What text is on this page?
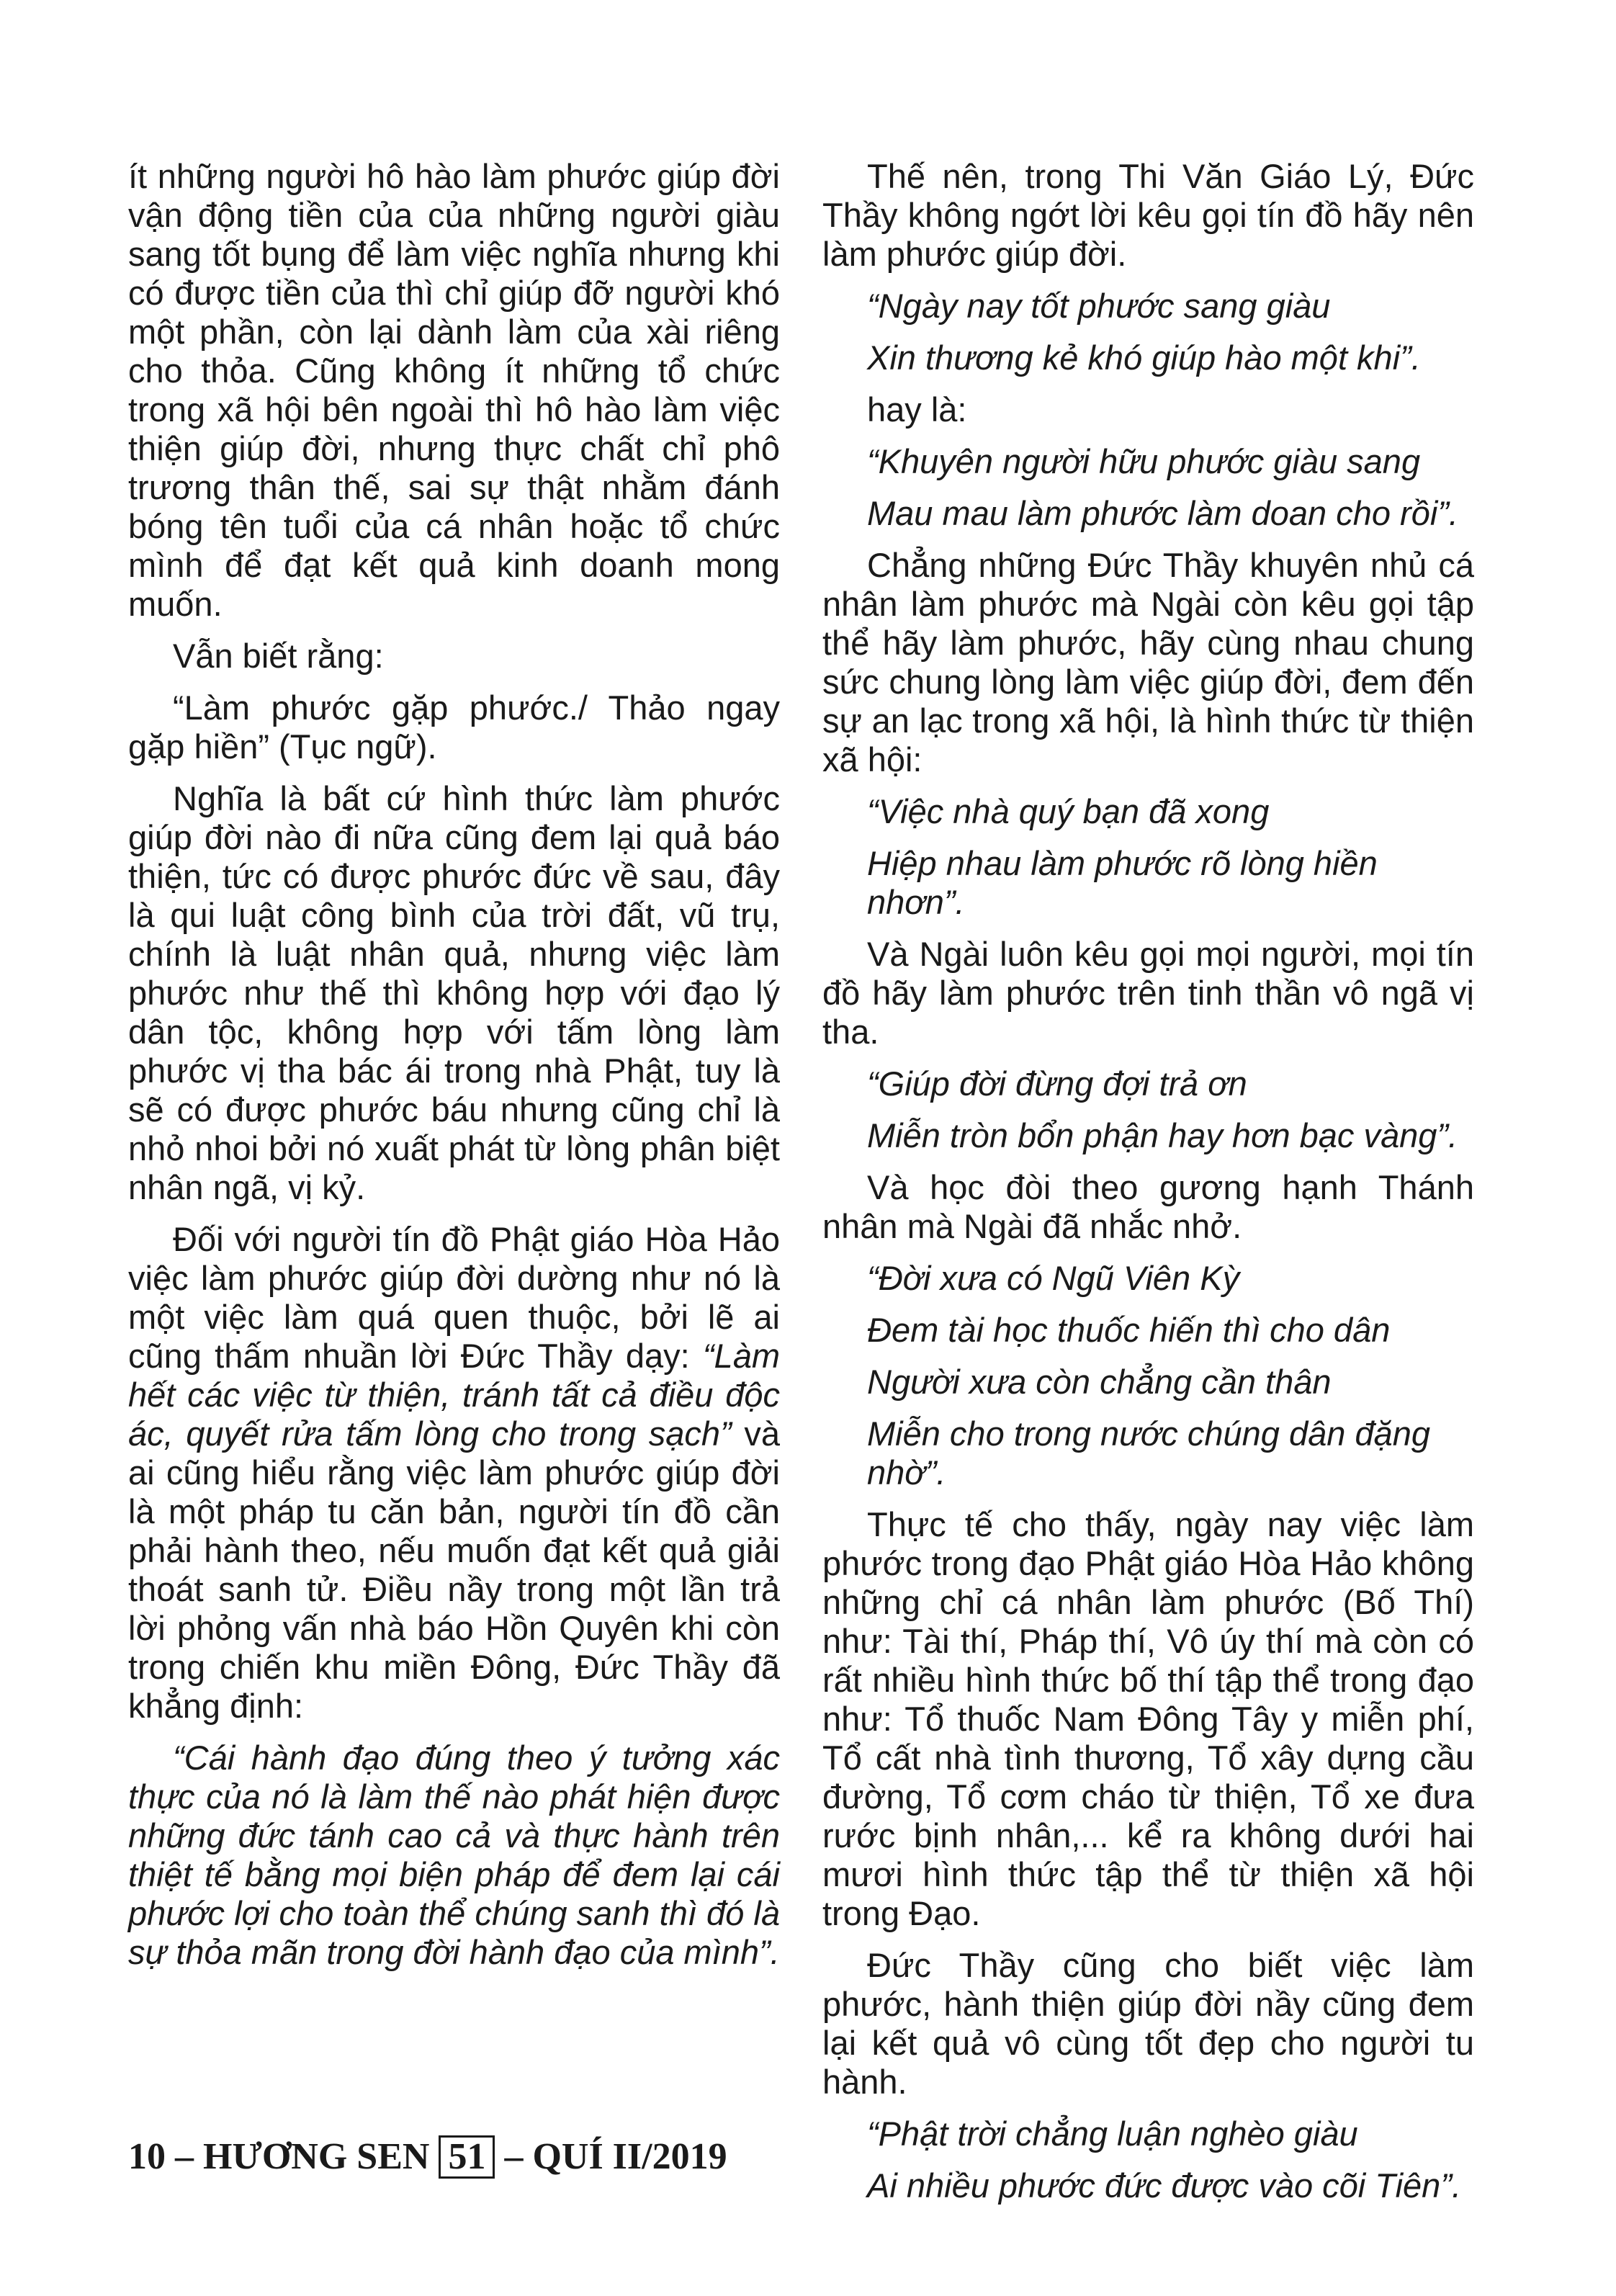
ít những người hô hào làm phước giúp đời vận động tiền của của những người giàu sang tốt bụng để làm việc nghĩa nhưng khi có được tiền của thì chỉ giúp đỡ người khó một phần, còn lại dành làm của xài riêng cho thỏa. Cũng không ít những tổ chức trong xã hội bên ngoài thì hô hào làm việc thiện giúp đời, nhưng thực chất chỉ phô trương thân thế, sai sự thật nhằm đánh bóng tên tuổi của cá nhân hoặc tổ chức mình để đạt kết quả kinh doanh mong muốn.

Vẫn biết rằng:

“Làm phước gặp phước./ Thảo ngay gặp hiền” (Tục ngữ).

Nghĩa là bất cứ hình thức làm phước giúp đời nào đi nữa cũng đem lại quả báo thiện, tức có được phước đức về sau, đây là qui luật công bình của trời đất, vũ trụ, chính là luật nhân quả, nhưng việc làm phước như thế thì không hợp với đạo lý dân tộc, không hợp với tấm lòng làm phước vị tha bác ái trong nhà Phật, tuy là sẽ có được phước báu nhưng cũng chỉ là nhỏ nhoi bởi nó xuất phát từ lòng phân biệt nhân ngã, vị kỷ.

Đối với người tín đồ Phật giáo Hòa Hảo việc làm phước giúp đời dường như nó là một việc làm quá quen thuộc, bởi lẽ ai cũng thấm nhuần lời Đức Thầy dạy: “Làm hết các việc từ thiện, tránh tất cả điều độc ác, quyết rửa tấm lòng cho trong sạch” và ai cũng hiểu rằng việc làm phước giúp đời là một pháp tu căn bản, người tín đồ cần phải hành theo, nếu muốn đạt kết quả giải thoát sanh tử. Điều nầy trong một lần trả lời phỏng vấn nhà báo Hồn Quyên khi còn trong chiến khu miền Đông, Đức Thầy đã khẳng định:

“Cái hành đạo đúng theo ý tưởng xác thực của nó là làm thế nào phát hiện được những đức tánh cao cả và thực hành trên thiệt tế bằng mọi biện pháp để đem lại cái phước lợi cho toàn thể chúng sanh thì đó là sự thỏa mãn trong đời hành đạo của mình”.

Thế nên, trong Thi Văn Giáo Lý, Đức Thầy không ngớt lời kêu gọi tín đồ hãy nên làm phước giúp đời.

“Ngày nay tốt phước sang giàu

Xin thương kẻ khó giúp hào một khi”.

hay là:

“Khuyên người hữu phước giàu sang

Mau mau làm phước làm doan cho rồi”.

Chẳng những Đức Thầy khuyên nhủ cá nhân làm phước mà Ngài còn kêu gọi tập thể hãy làm phước, hãy cùng nhau chung sức chung lòng làm việc giúp đời, đem đến sự an lạc trong xã hội, là hình thức từ thiện xã hội:

“Việc nhà quý bạn đã xong

Hiệp nhau làm phước rõ lòng hiền nhơn”.

Và Ngài luôn kêu gọi mọi người, mọi tín đồ hãy làm phước trên tinh thần vô ngã vị tha.

“Giúp đời đừng đợi trả ơn

Miễn tròn bổn phận hay hơn bạc vàng”.

Và học đòi theo gương hạnh Thánh nhân mà Ngài đã nhắc nhở.

“Đời xưa có Ngũ Viên Kỳ

Đem tài học thuốc hiến thì cho dân

Người xưa còn chẳng cần thân

Miễn cho trong nước chúng dân đặng nhờ”.

Thực tế cho thấy, ngày nay việc làm phước trong đạo Phật giáo Hòa Hảo không những chỉ cá nhân làm phước (Bố Thí) như: Tài thí, Pháp thí, Vô úy thí mà còn có rất nhiều hình thức bố thí tập thể trong đạo như: Tổ thuốc Nam Đông Tây y miễn phí, Tổ cất nhà tình thương, Tổ xây dựng cầu đường, Tổ cơm cháo từ thiện, Tổ xe đưa rước bịnh nhân,... kể ra không dưới hai mươi hình thức tập thể từ thiện xã hội trong Đạo.

Đức Thầy cũng cho biết việc làm phước, hành thiện giúp đời nầy cũng đem lại kết quả vô cùng tốt đẹp cho người tu hành.

“Phật trời chẳng luận nghèo giàu

Ai nhiều phước đức được vào cõi Tiên”.

10 – HƯƠNG SEN 51 – QUÍ II/2019
